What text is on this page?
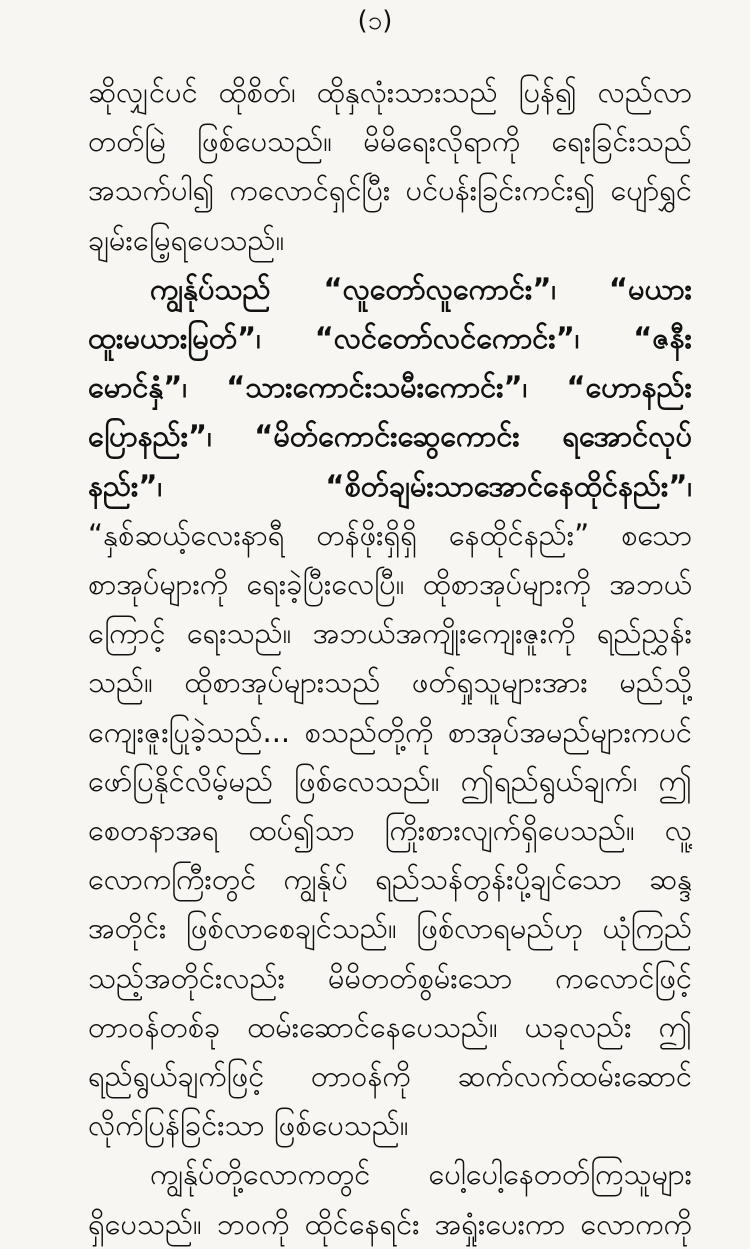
(၁)
ဆိုလျှင်ပင် ထိုစိတ်၊ ထိုနှလုံးသားသည် ပြန်၍ လည်လာ
တတ်မြဲ ဖြစ်ပေသည်။ မိမိရေးလိုရာကို ရေးခြင်းသည်
အသက်ပါ၍ ကလောင်ရှင်ပြီး ပင်ပန်းခြင်းကင်း၍ ပျော်ရွှင်
ချမ်းမြေ့ရပေသည်။
ကျွန်ုပ်သည် “လူတော်လူကောင်း”၊ “မယား
ထူးမယားမြတ်”၊ “လင်တော်လင်ကောင်း”၊ “ဇနီး
မောင်နှံ”၊ “သားကောင်းသမီးကောင်း”၊ “ဟောနည်း
ပြောနည်း”၊ “မိတ်ကောင်းဆွေကောင်း ရအောင်လုပ်
နည်း”၊ “စိတ်ချမ်းသာအောင်နေထိုင်နည်း”၊
“နှစ်ဆယ့်လေးနာရီ တန်ဖိုးရှိရှိ နေထိုင်နည်း” စသော
စာအုပ်များကို ရေးခဲ့ပြီးလေပြီ။ ထိုစာအုပ်များကို အဘယ်
ကြောင့် ရေးသည်။ အဘယ်အကျိုးကျေးဇူးကို ရည်ညွှန်း
သည်။ ထိုစာအုပ်များသည် ဖတ်ရှုသူများအား မည်သို့
ကျေးဇူးပြုခဲ့သည်... စသည်တို့ကို စာအုပ်အမည်များကပင်
ဖော်ပြနိုင်လိမ့်မည် ဖြစ်လေသည်။ ဤရည်ရွယ်ချက်၊ ဤ
စေတနာအရ ထပ်၍သာ ကြိုးစားလျက်ရှိပေသည်။ လူ့
လောကကြီးတွင် ကျွန်ုပ် ရည်သန်တွန်းပို့ချင်သော ဆန္ဒ
အတိုင်း ဖြစ်လာစေချင်သည်။ ဖြစ်လာရမည်ဟု ယုံကြည်
သည့်အတိုင်းလည်း မိမိတတ်စွမ်းသော ကလောင်ဖြင့်
တာဝန်တစ်ခု ထမ်းဆောင်နေပေသည်။ ယခုလည်း ဤ
ရည်ရွယ်ချက်ဖြင့် တာဝန်ကို ဆက်လက်ထမ်းဆောင်
လိုက်ပြန်ခြင်းသာ ဖြစ်ပေသည်။
ကျွန်ုပ်တို့လောကတွင် ပေါ့ပေါ့နေတတ်ကြသူများ
ရှိပေသည်။ ဘဝကို ထိုင်နေရင်း အရှုံးပေးကာ လောကကို
